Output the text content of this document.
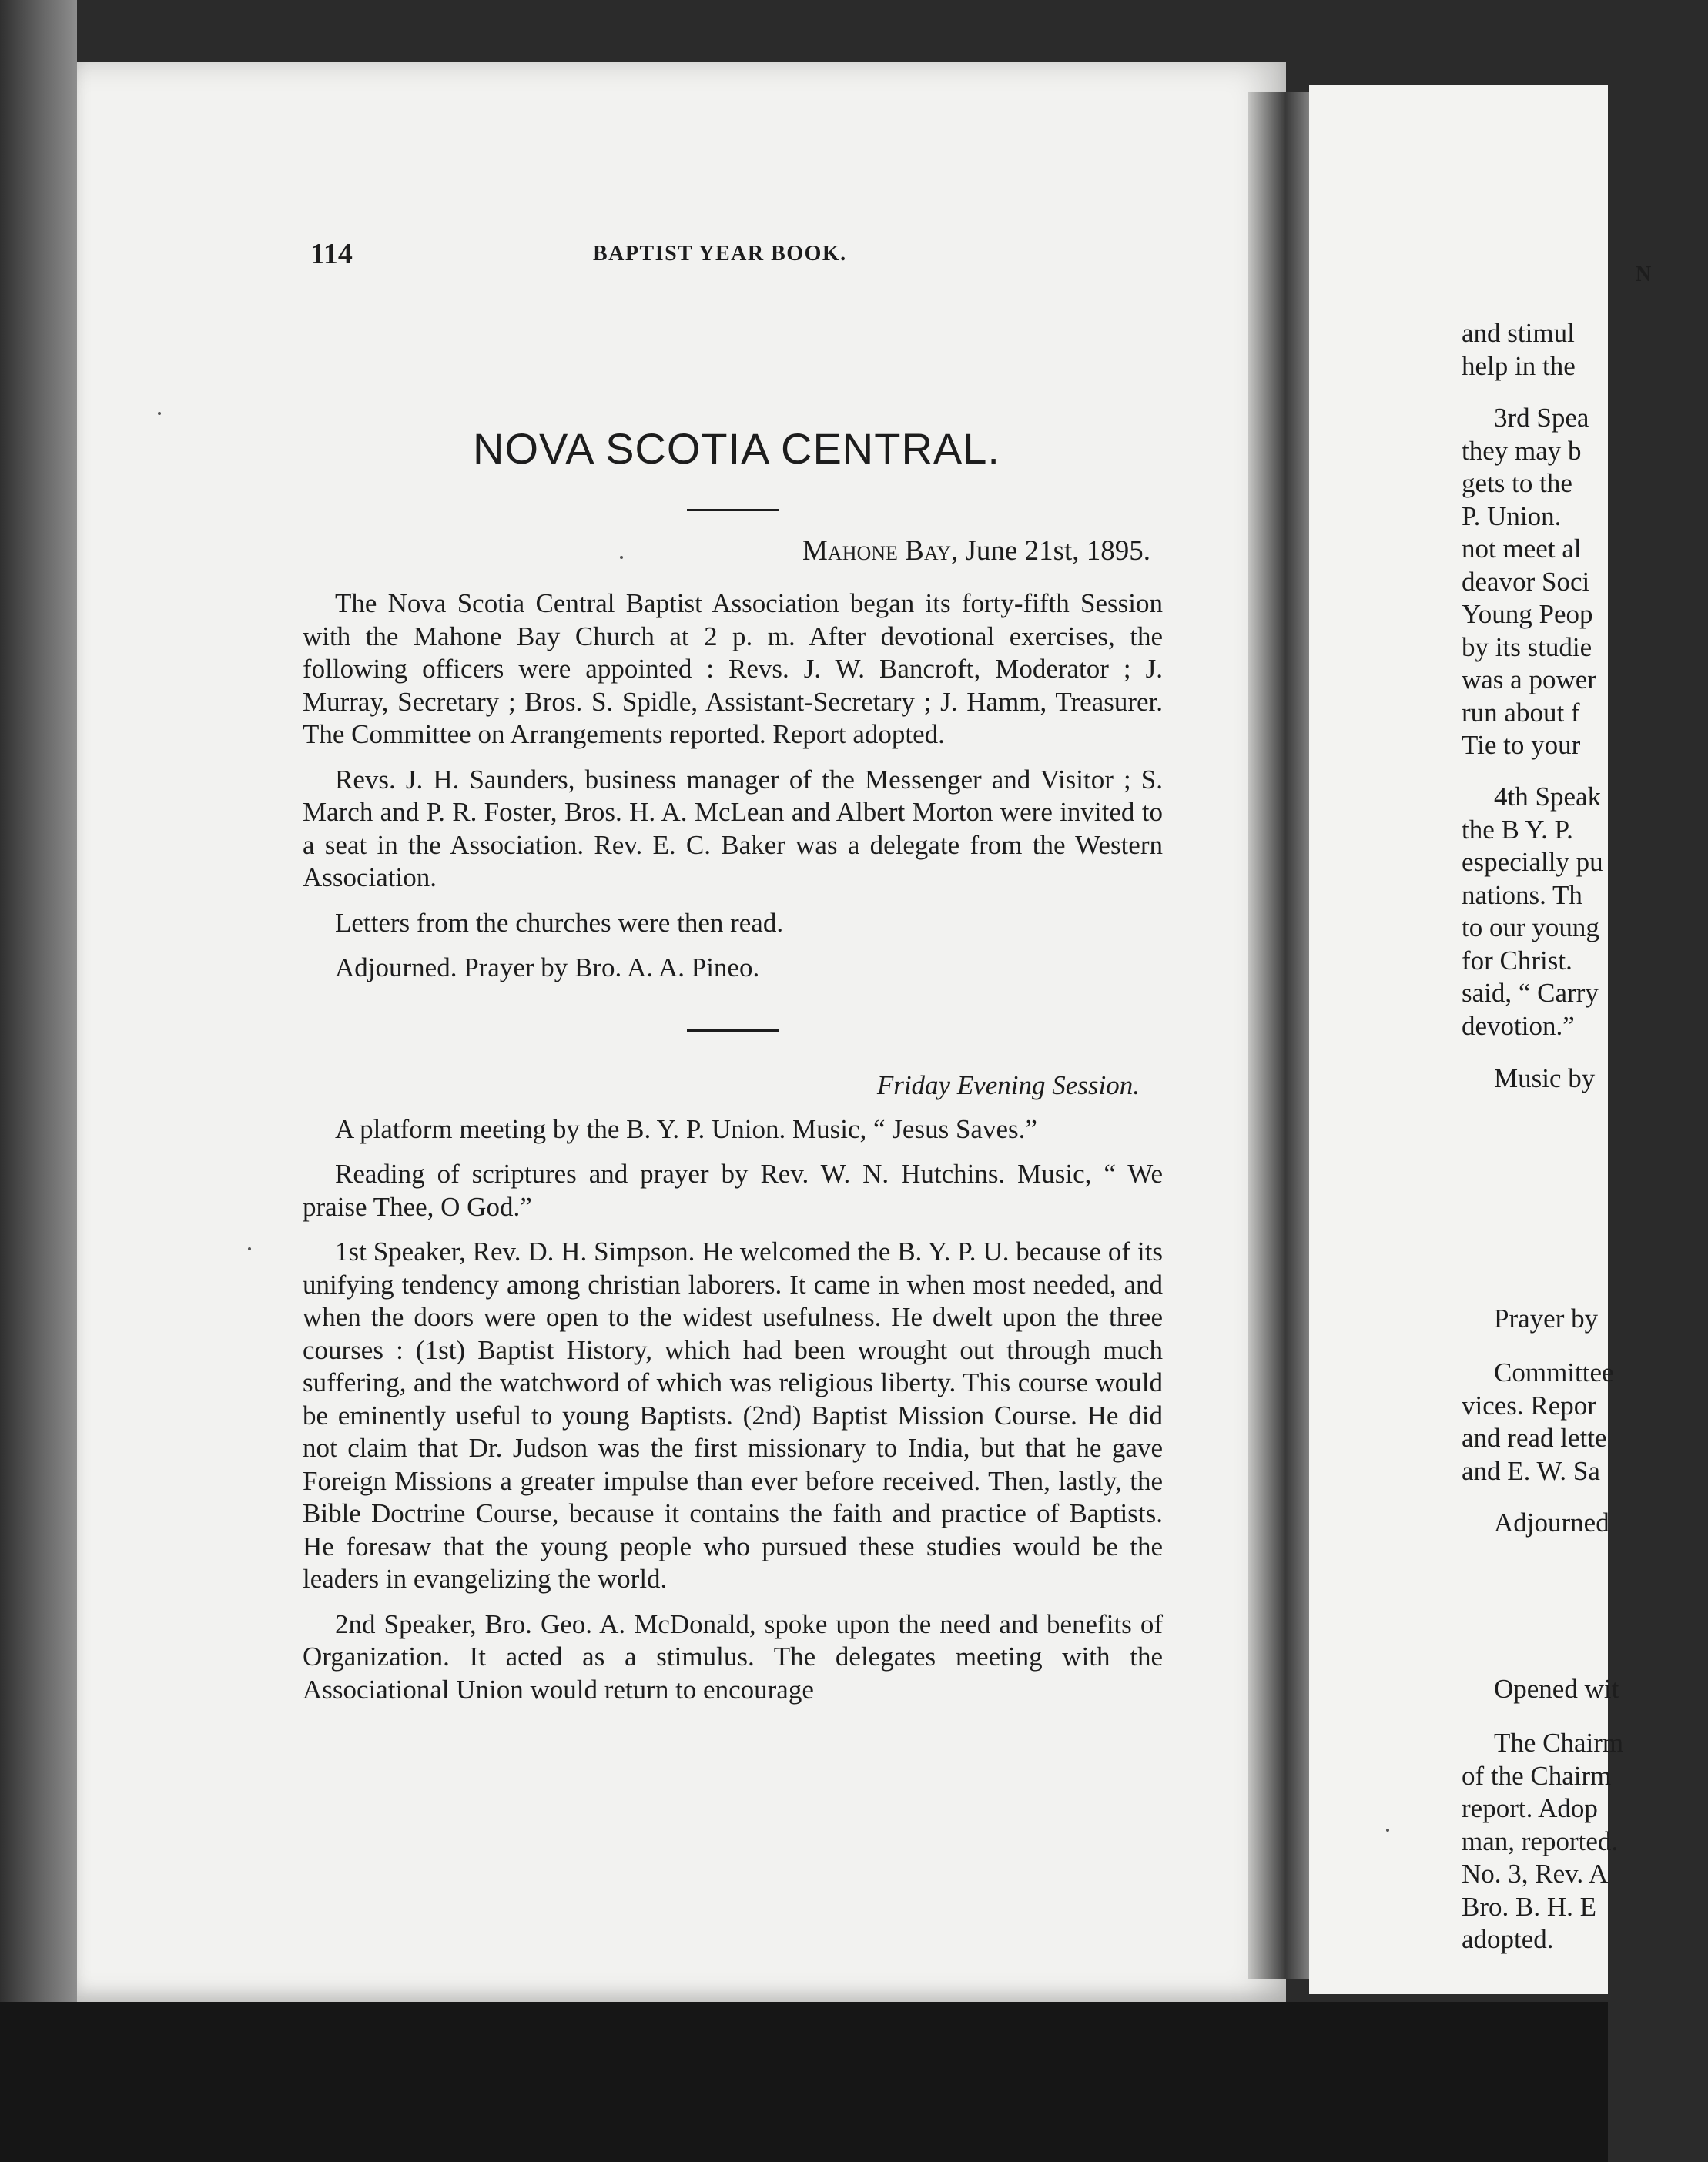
114	BAPTIST YEAR BOOK.
NOVA SCOTIA CENTRAL.
Mahone Bay, June 21st, 1895.

The Nova Scotia Central Baptist Association began its forty-fifth Session with the Mahone Bay Church at 2 p. m. After devotional exercises, the following officers were appointed : Revs. J. W. Bancroft, Moderator ; J. Murray, Secretary ; Bros. S. Spidle, Assistant-Secretary ; J. Hamm, Treasurer. The Committee on Arrangements reported. Report adopted.

Revs. J. H. Saunders, business manager of the Messenger and Visitor ; S. March and P. R. Foster, Bros. H. A. McLean and Albert Morton were invited to a seat in the Association. Rev. E. C. Baker was a delegate from the Western Association.

Letters from the churches were then read.

Adjourned. Prayer by Bro. A. A. Pineo.

Friday Evening Session.

A platform meeting by the B. Y. P. Union. Music, “ Jesus Saves.”

Reading of scriptures and prayer by Rev. W. N. Hutchins. Music, “ We praise Thee, O God.”

1st Speaker, Rev. D. H. Simpson. He welcomed the B. Y. P. U. because of its unifying tendency among christian laborers. It came in when most needed, and when the doors were open to the widest usefulness. He dwelt upon the three courses : (1st) Baptist History, which had been wrought out through much suffering, and the watchword of which was religious liberty. This course would be eminently useful to young Baptists. (2nd) Baptist Mission Course. He did not claim that Dr. Judson was the first missionary to India, but that he gave Foreign Missions a greater impulse than ever before received. Then, lastly, the Bible Doctrine Course, because it contains the faith and practice of Baptists. He foresaw that the young people who pursued these studies would be the leaders in evangelizing the world.

2nd Speaker, Bro. Geo. A. McDonald, spoke upon the need and benefits of Organization. It acted as a stimulus. The delegates meeting with the Associational Union would return to encourage

N
and stimul
help in the
3rd Spea
they may b
gets to the
P. Union.
not meet al
deavor Soci
Young Peop
by its studie
was a power
run about f
Tie to your
4th Speak
the B Y. P.
especially pu
nations. Th
to our young
for Christ.
said, “ Carry
devotion.”
Music by
Prayer by
Committee
vices. Repor
and read lette
and E. W. Sa
Adjourned
Opened wit
The Chairm
of the Chairm
report. Adop
man, reported.
No. 3, Rev. A
Bro. B. H. E
adopted.
